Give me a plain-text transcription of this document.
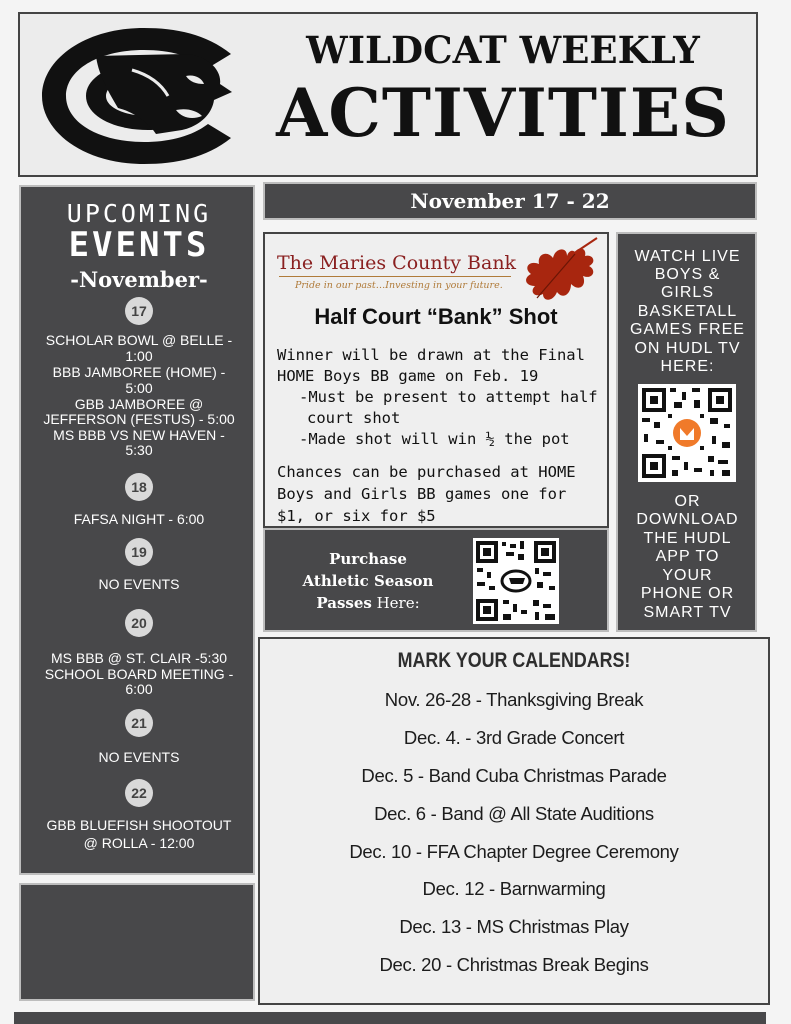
WILDCAT WEEKLY
ACTIVITIES
UPCOMING
EVENTS
-November-
17
SCHOLAR BOWL @ BELLE -
1:00
BBB JAMBOREE (HOME) -
5:00
GBB JAMBOREE @
JEFFERSON (FESTUS) - 5:00
MS BBB VS NEW HAVEN -
5:30
18
FAFSA NIGHT - 6:00
19
NO EVENTS
20
MS BBB @ ST. CLAIR -5:30
SCHOOL BOARD MEETING -
6:00
21
NO EVENTS
22
GBB BLUEFISH SHOOTOUT
@ ROLLA - 12:00
November 17 - 22
The Maries County Bank
Pride in our past…Investing in your future.
Half Court “Bank” Shot
Winner will be drawn at the Final
HOME Boys BB game on Feb. 19
-Must be present to attempt half
court shot
-Made shot will win ½ the pot
Chances can be purchased at HOME
Boys and Girls BB games one for
$1, or six for $5
Purchase
Athletic Season
Passes Here:
WATCH LIVE
BOYS &
GIRLS
BASKETALL
GAMES FREE
ON HUDL TV
HERE:
OR
DOWNLOAD
THE HUDL
APP TO
YOUR
PHONE OR
SMART TV
MARK YOUR CALENDARS!
Nov. 26-28 - Thanksgiving Break
Dec. 4. - 3rd Grade Concert
Dec. 5 - Band Cuba Christmas Parade
Dec. 6 - Band @ All State Auditions
Dec. 10 - FFA Chapter Degree Ceremony
Dec. 12 - Barnwarming
Dec. 13 - MS Christmas Play
Dec. 20 - Christmas Break Begins
